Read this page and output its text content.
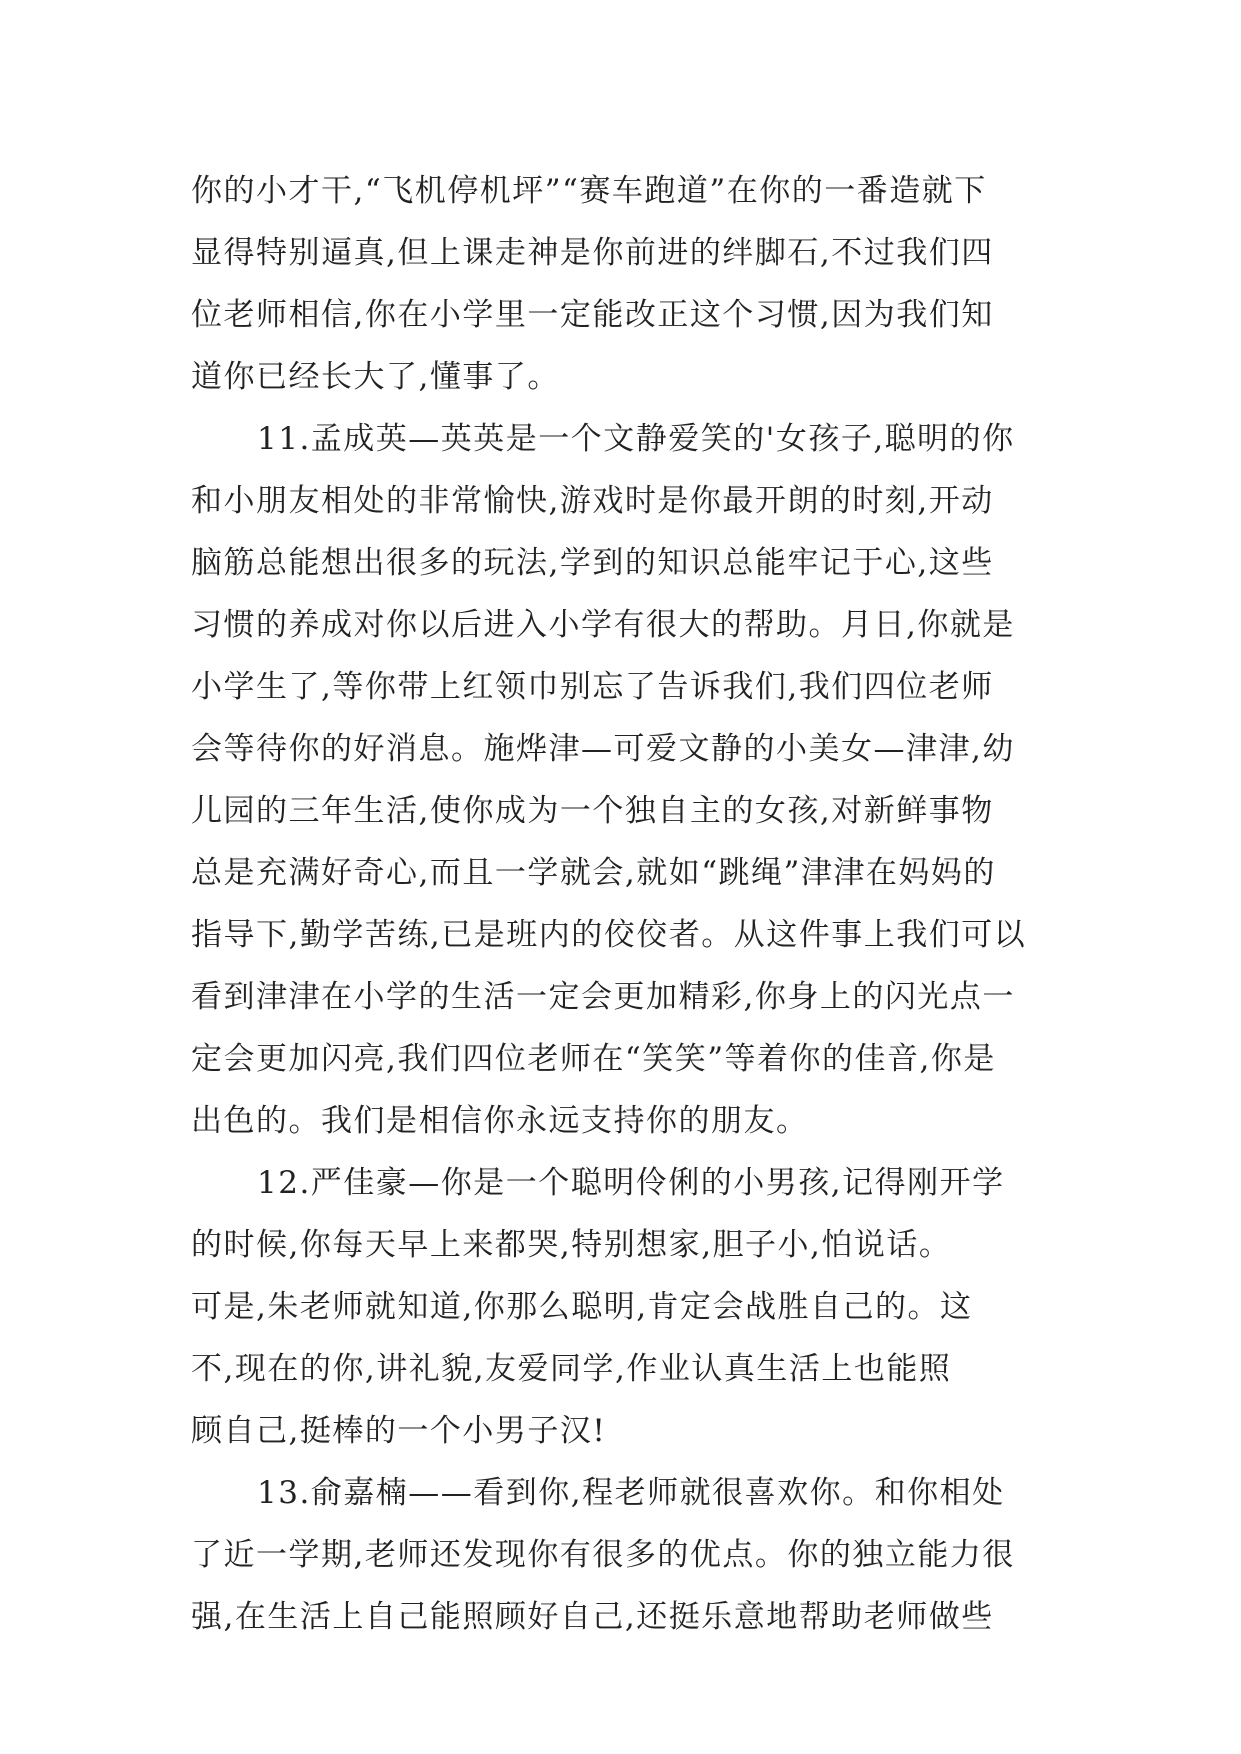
你的小才干,“飞机停机坪”“赛车跑道”在你的一番造就下
显得特别逼真,但上课走神是你前进的绊脚石,不过我们四
位老师相信,你在小学里一定能改正这个习惯,因为我们知
道你已经长大了,懂事了。
11.孟成英—英英是一个文静爱笑的'女孩子,聪明的你
和小朋友相处的非常愉快,游戏时是你最开朗的时刻,开动
脑筋总能想出很多的玩法,学到的知识总能牢记于心,这些
习惯的养成对你以后进入小学有很大的帮助。月日,你就是
小学生了,等你带上红领巾别忘了告诉我们,我们四位老师
会等待你的好消息。施烨津—可爱文静的小美女—津津,幼
儿园的三年生活,使你成为一个独自主的女孩,对新鲜事物
总是充满好奇心,而且一学就会,就如“跳绳”津津在妈妈的
指导下,勤学苦练,已是班内的佼佼者。从这件事上我们可以
看到津津在小学的生活一定会更加精彩,你身上的闪光点一
定会更加闪亮,我们四位老师在“笑笑”等着你的佳音,你是
出色的。我们是相信你永远支持你的朋友。
12.严佳豪—你是一个聪明伶俐的小男孩,记得刚开学
的时候,你每天早上来都哭,特别想家,胆子小,怕说话。
可是,朱老师就知道,你那么聪明,肯定会战胜自己的。这
不,现在的你,讲礼貌,友爱同学,作业认真生活上也能照
顾自己,挺棒的一个小男子汉!
13.俞嘉楠——看到你,程老师就很喜欢你。和你相处
了近一学期,老师还发现你有很多的优点。你的独立能力很
强,在生活上自己能照顾好自己,还挺乐意地帮助老师做些
